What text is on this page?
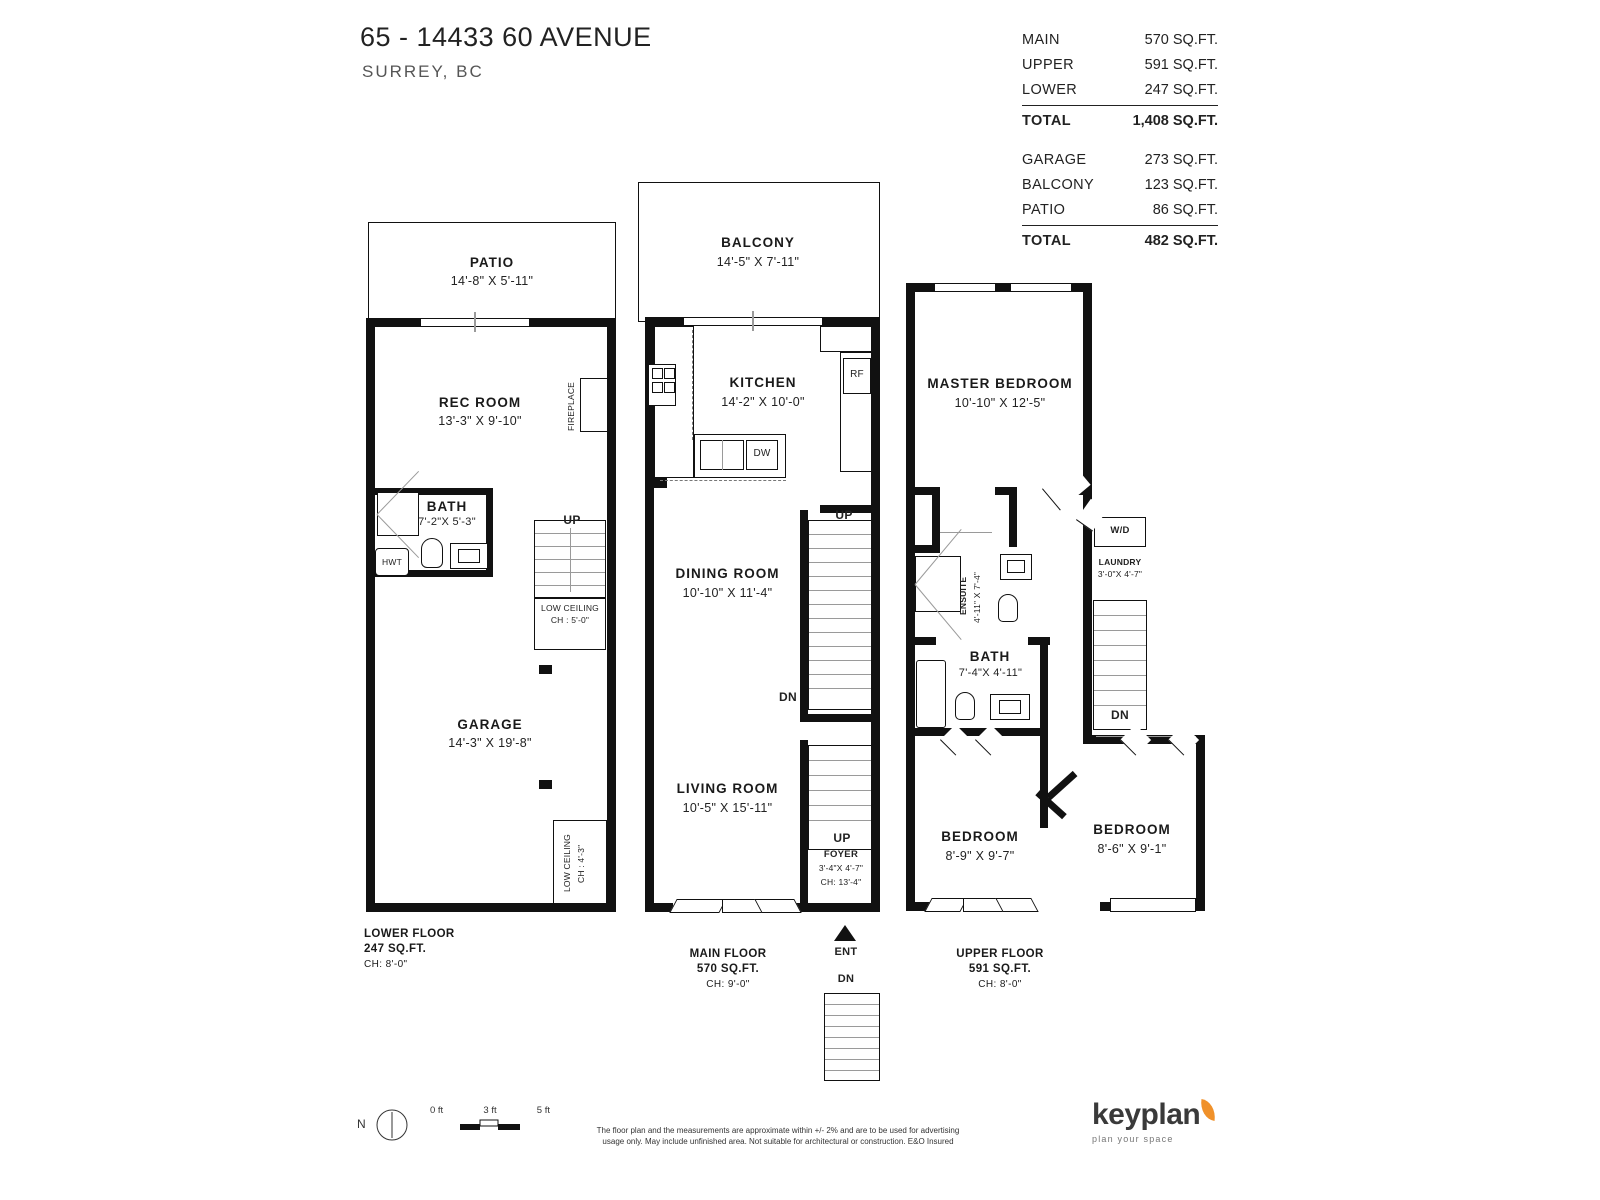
65 - 14433 60 AVENUE
SURREY, BC
MAIN	570 SQ.FT.
UPPER	591 SQ.FT.
LOWER	247 SQ.FT.
TOTAL	1,408 SQ.FT.
GARAGE	273 SQ.FT.
BALCONY	123 SQ.FT.
PATIO	86 SQ.FT.
TOTAL	482 SQ.FT.
PATIO
14'-8" X 5'-11"
FIREPLACE
REC ROOM
13'-3" X 9'-10"
HWT
BATH
7'-2"X 5'-3"	UP
LOW CEILING
CH : 5'-0"
GARAGE
14'-3" X 19'-8"
LOW CEILING CH : 4'-3"
LOWER FLOOR
247 SQ.FT.
CH: 8'-0"
BALCONY
14'-5" X 7'-11"
RF
DW
KITCHEN
14'-2" X 10'-0"
UP
DN
UP
FOYER
3'-4"X 4'-7"
CH: 13'-4"
ENT
DN
DINING ROOM
10'-10" X 11'-4"
LIVING ROOM
10'-5" X 15'-11"
MAIN FLOOR
570 SQ.FT.
CH: 9'-0"
MASTER BEDROOM
10'-10" X 12'-5"
ENSUITE 4'-11" X 7'-4"
BATH
7'-4"X 4'-11"
W/D
LAUNDRY
3'-0"X 4'-7"
DN
BEDROOM
8'-9" X 9'-7"
BEDROOM
8'-6" X 9'-1"
UPPER FLOOR
591 SQ.FT.
CH: 8'-0"
N
0 ft	3 ft	5 ft
The floor plan and the measurements are approximate within +/- 2% and are to be used for advertising usage only. May include unfinished area. Not suitable for architectural or construction. E&O Insured
keyplan
plan your space
